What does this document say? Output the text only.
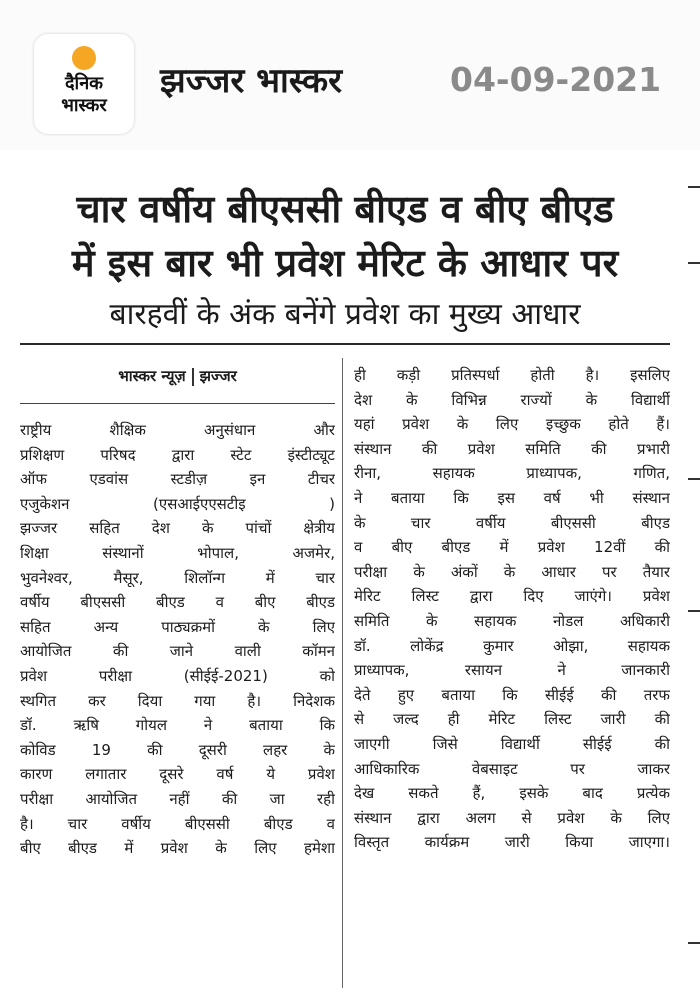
दैनिक
भास्कर
झज्जर भास्कर	04-09-2021
चार वर्षीय बीएससी बीएड व बीए बीएड
में इस बार भी प्रवेश मेरिट के आधार पर
बारहवीं के अंक बनेंगे प्रवेश का मुख्य आधार
भास्कर न्यूज़ झज्जर
राष्ट्रीय शैक्षिक अनुसंधान और
प्रशिक्षण परिषद द्वारा स्टेट इंस्टीट्यूट
ऑफ एडवांस स्टडीज़ इन टीचर
एजुकेशन (एसआईएएसटीइ )
झज्जर सहित देश के पांचों क्षेत्रीय
शिक्षा संस्थानों भोपाल, अजमेर,
भुवनेश्वर, मैसूर, शिलॉन्ग में चार
वर्षीय बीएससी बीएड व बीए बीएड
सहित अन्य पाठ्यक्रमों के लिए
आयोजित की जाने वाली कॉमन
प्रवेश परीक्षा (सीईई-2021) को
स्थगित कर दिया गया है। निदेशक
डॉ. ऋषि गोयल ने बताया कि
कोविड 19 की दूसरी लहर के
कारण लगातार दूसरे वर्ष ये प्रवेश
परीक्षा आयोजित नहीं की जा रही
है। चार वर्षीय बीएससी बीएड व
बीए बीएड में प्रवेश के लिए हमेशा
ही कड़ी प्रतिस्पर्धा होती है। इसलिए
देश के विभिन्न राज्यों के विद्यार्थी
यहां प्रवेश के लिए इच्छुक होते हैं।
संस्थान की प्रवेश समिति की प्रभारी
रीना, सहायक प्राध्यापक, गणित,
ने बताया कि इस वर्ष भी संस्थान
के चार वर्षीय बीएससी बीएड
व बीए बीएड में प्रवेश 12वीं की
परीक्षा के अंकों के आधार पर तैयार
मेरिट लिस्ट द्वारा दिए जाएंगे। प्रवेश
समिति के सहायक नोडल अधिकारी
डॉ. लोकेंद्र कुमार ओझा, सहायक
प्राध्यापक, रसायन ने जानकारी
देते हुए बताया कि सीईई की तरफ
से जल्द ही मेरिट लिस्ट जारी की
जाएगी जिसे विद्यार्थी सीईई की
आधिकारिक वेबसाइट पर जाकर
देख सकते हैं, इसके बाद प्रत्येक
संस्थान द्वारा अलग से प्रवेश के लिए
विस्तृत कार्यक्रम जारी किया जाएगा।
